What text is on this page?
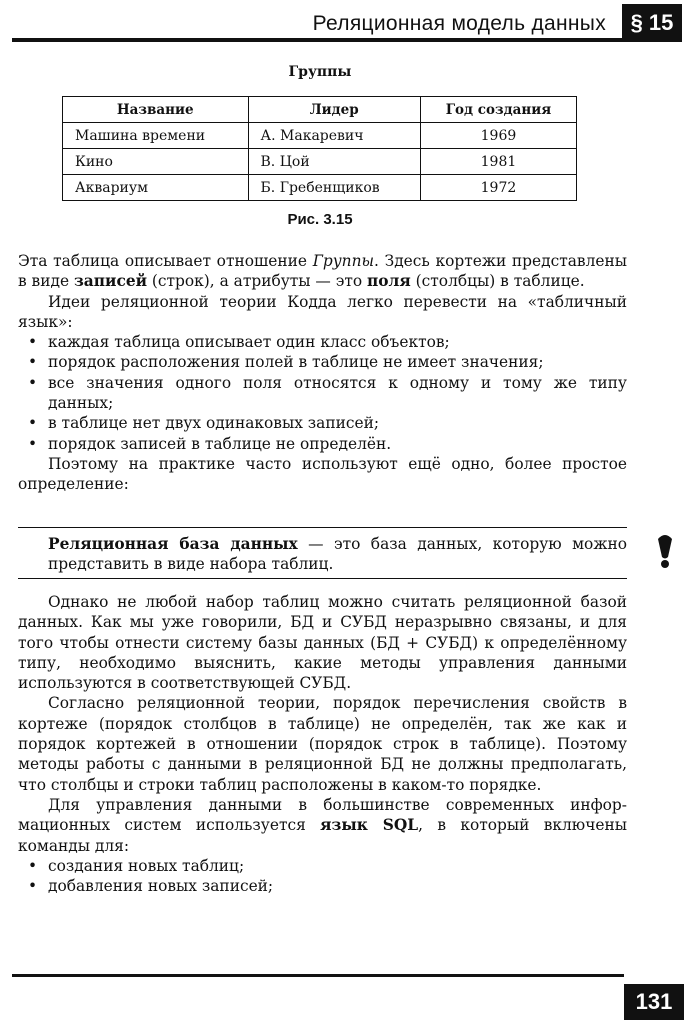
Реляционная модель данных	§ 15
Группы
Название	Лидер	Год создания
Машина времени	А. Макаревич	1969
Кино	В. Цой	1981
Аквариум	Б. Гребенщиков	1972
Рис. 3.15

Эта таблица описывает отношение Группы. Здесь кортежи представлены в виде записей (строк), а атрибуты — это поля (столбцы) в таблице.

Идеи реляционной теории Кодда легко перевести на «табличный язык»:

• каждая таблица описывает один класс объектов;
• порядок расположения полей в таблице не имеет значения;
• все значения одного поля относятся к одному и тому же типу данных;
• в таблице нет двух одинаковых записей;
• порядок записей в таблице не определён.

Поэтому на практике часто используют ещё одно, более простое определение:

Реляционная база данных — это база данных, которую можно представить в виде набора таблиц.

Однако не любой набор таблиц можно считать реляционной базой данных. Как мы уже говорили, БД и СУБД неразрывно связаны, и для того чтобы отнести систему базы данных (БД + СУБД) к определённому типу, необходимо выяснить, какие методы управления данными используются в соответствующей СУБД.

Согласно реляционной теории, порядок перечисления свойств в кортеже (порядок столбцов в таблице) не определён, так же как и порядок кортежей в отношении (порядок строк в таблице). Поэтому методы работы с данными в реляционной БД не должны предполагать, что столбцы и строки таблиц расположены в каком-то порядке.

Для управления данными в большинстве современных информационных систем используется язык SQL, в который включены команды для:

• создания новых таблиц;
• добавления новых записей;
131
